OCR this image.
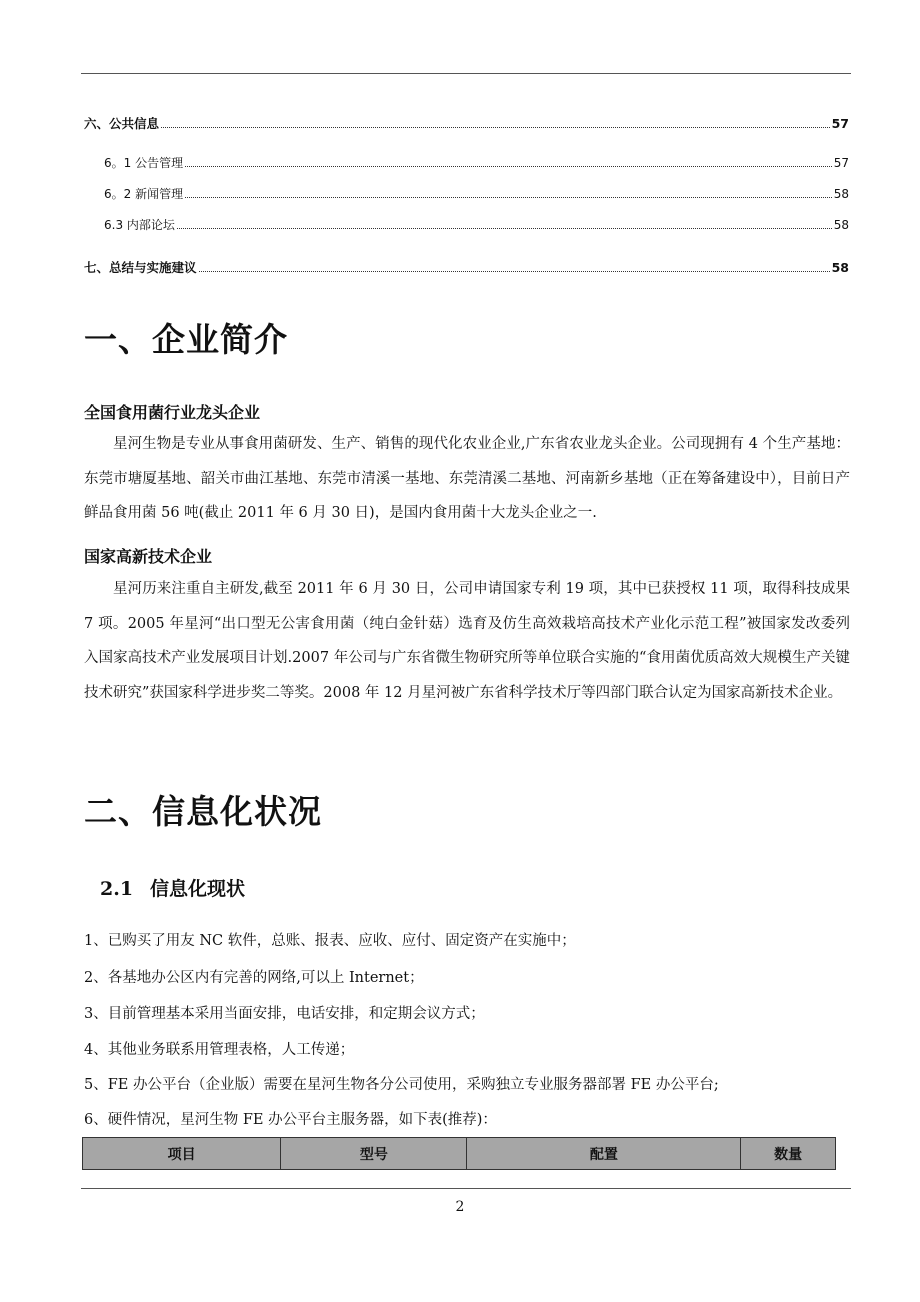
六、公共信息	57
6。1 公告管理	57
6。2 新闻管理	58
6.3 内部论坛	58
七、总结与实施建议	58
一、企业简介
全国食用菌行业龙头企业
星河生物是专业从事食用菌研发、生产、销售的现代化农业企业,广东省农业龙头企业。公司现拥有 4 个生产基地：东莞市塘厦基地、韶关市曲江基地、东莞市清溪一基地、东莞清溪二基地、河南新乡基地（正在筹备建设中），目前日产鲜品食用菌 56 吨(截止 2011 年 6 月 30 日)，是国内食用菌十大龙头企业之一.
国家高新技术企业
星河历来注重自主研发,截至 2011 年 6 月 30 日，公司申请国家专利 19 项，其中已获授权 11 项，取得科技成果 7 项。2005 年星河“出口型无公害食用菌（纯白金针菇）选育及仿生高效栽培高技术产业化示范工程”被国家发改委列入国家高技术产业发展项目计划.2007 年公司与广东省微生物研究所等单位联合实施的“食用菌优质高效大规模生产关键技术研究”获国家科学进步奖二等奖。2008 年 12 月星河被广东省科学技术厅等四部门联合认定为国家高新技术企业。
二、信息化状况
2.1 信息化现状
1、已购买了用友 NC 软件，总账、报表、应收、应付、固定资产在实施中；
2、各基地办公区内有完善的网络,可以上 Internet；
3、目前管理基本采用当面安排，电话安排，和定期会议方式；
4、其他业务联系用管理表格，人工传递；
5、FE 办公平台（企业版）需要在星河生物各分公司使用，采购独立专业服务器部署 FE 办公平台;
6、硬件情况，星河生物 FE 办公平台主服务器，如下表(推荐)：
项目	型号	配置	数量
2
